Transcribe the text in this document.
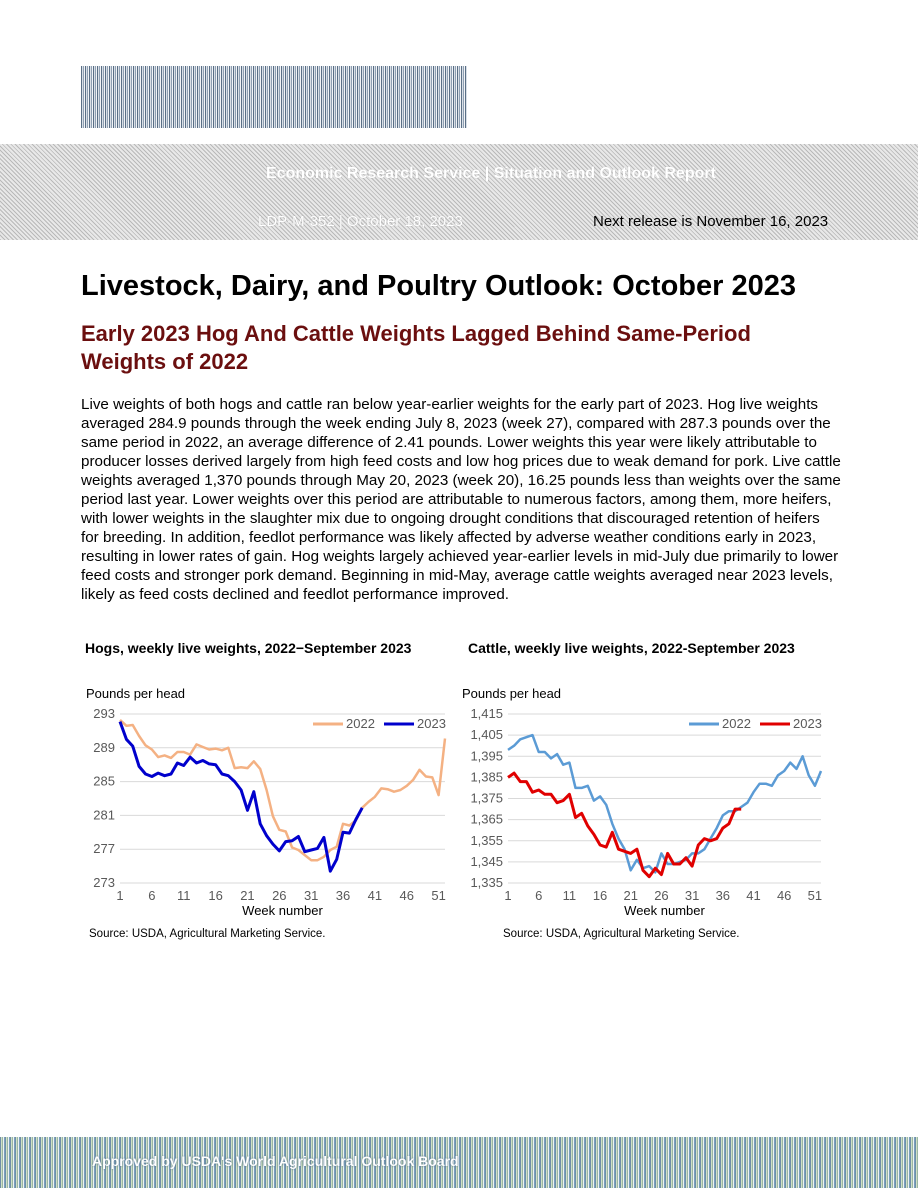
Economic Research Service | Situation and Outlook Report
LDP-M-352 | October 18, 2023	Next release is November 16, 2023
Livestock, Dairy, and Poultry Outlook: October 2023
Early 2023 Hog And Cattle Weights Lagged Behind Same-Period Weights of 2022

Live weights of both hogs and cattle ran below year-earlier weights for the early part of 2023. Hog live weights averaged 284.9 pounds through the week ending July 8, 2023 (week 27), compared with 287.3 pounds over the same period in 2022, an average difference of 2.41 pounds. Lower weights this year were likely attributable to producer losses derived largely from high feed costs and low hog prices due to weak demand for pork. Live cattle weights averaged 1,370 pounds through May 20, 2023 (week 20), 16.25 pounds less than weights over the same period last year. Lower weights over this period are attributable to numerous factors, among them, more heifers, with lower weights in the slaughter mix due to ongoing drought conditions that discouraged retention of heifers for breeding. In addition, feedlot performance was likely affected by adverse weather conditions early in 2023, resulting in lower rates of gain. Hog weights largely achieved year-earlier levels in mid-July due primarily to lower feed costs and stronger pork demand. Beginning in mid-May, average cattle weights averaged near 2023 levels, likely as feed costs declined and feedlot performance improved.

Hogs, weekly live weights, 2022−September 2023	Cattle, weekly live weights, 2022-September 2023
273
277
281
285
289
293
1 6 11 16 21 26 31 36 41 46 51
Pounds per head
Week number
2022	2023
1,335
1,345
1,355
1,365
1,375
1,385
1,395
1,405
1,415
1 6 11 16 21 26 31 36 41 46 51
Pounds per head
Week number
2022	2023
Source: USDA, Agricultural Marketing Service.	Source: USDA, Agricultural Marketing Service.
Approved by USDA's World Agricultural Outlook Board
